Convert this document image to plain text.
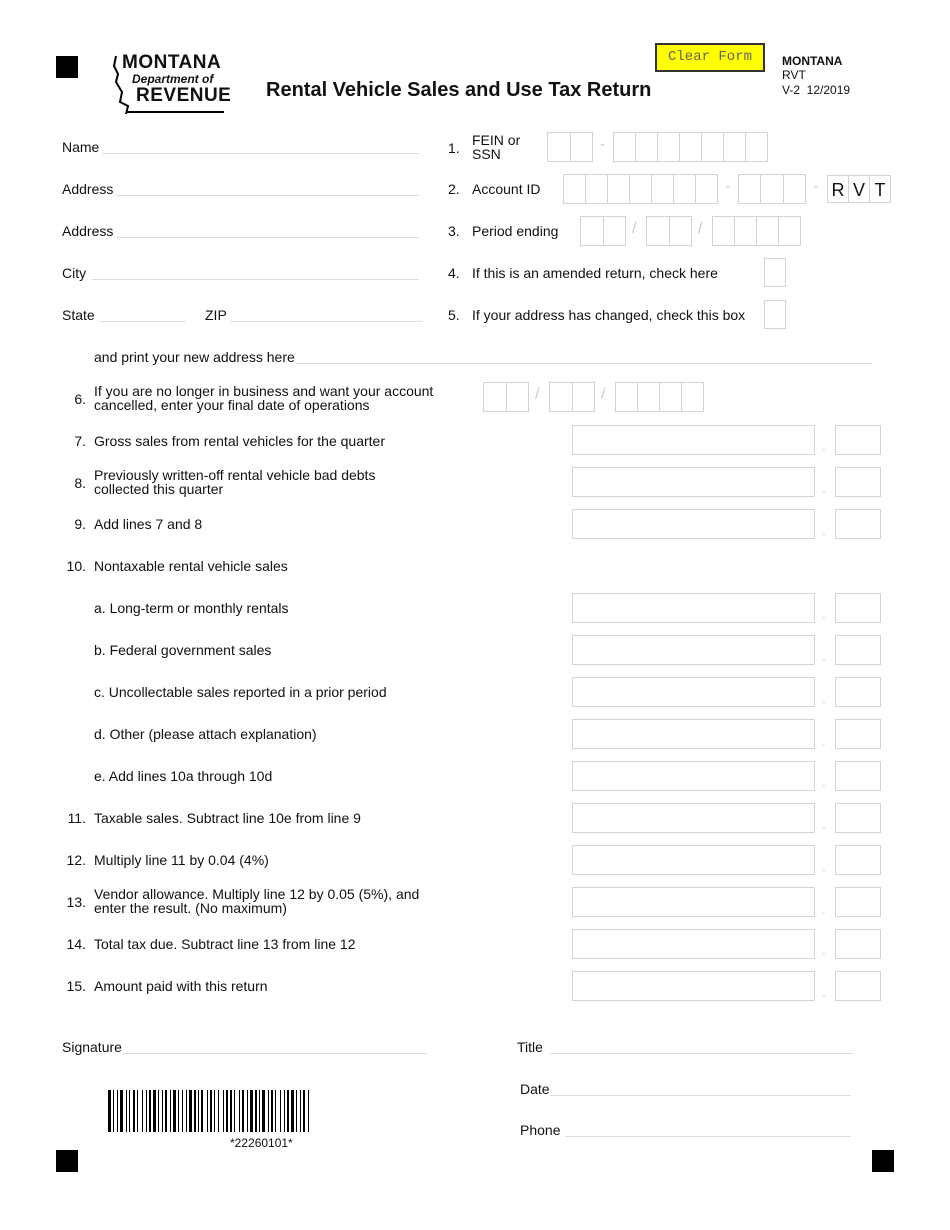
MONTANA
Department of
REVENUE Rental Vehicle Sales and Use Tax Return
Clear Form	MONTANA
RVT
V-2  12/2019
Name
Address
Address
City
State	ZIP
and print your new address here
1. FEIN or
SSN
-
2. Account ID	-	- R V T
3. Period ending	/	/
4. If this is an amended return, check here
5. If your address has changed, check this box
6. If you are no longer in business and want your account
cancelled, enter your final date of operations
/	/
7. Gross sales from rental vehicles for the quarter	.
8. Previously written-off rental vehicle bad debts
collected this quarter	.
9. Add lines 7 and 8	.
10. Nontaxable rental vehicle sales
a. Long-term or monthly rentals	.
b. Federal government sales	.
c. Uncollectable sales reported in a prior period	.
d. Other (please attach explanation)	.
e. Add lines 10a through 10d	.
11. Taxable sales. Subtract line 10e from line 9	.
12. Multiply line 11 by 0.04 (4%)	.
13. Vendor allowance. Multiply line 12 by 0.05 (5%), and
enter the result. (No maximum)	.
14. Total tax due. Subtract line 13 from line 12	.
15. Amount paid with this return	.
Signature	Title
Date
Phone
*22260101*
